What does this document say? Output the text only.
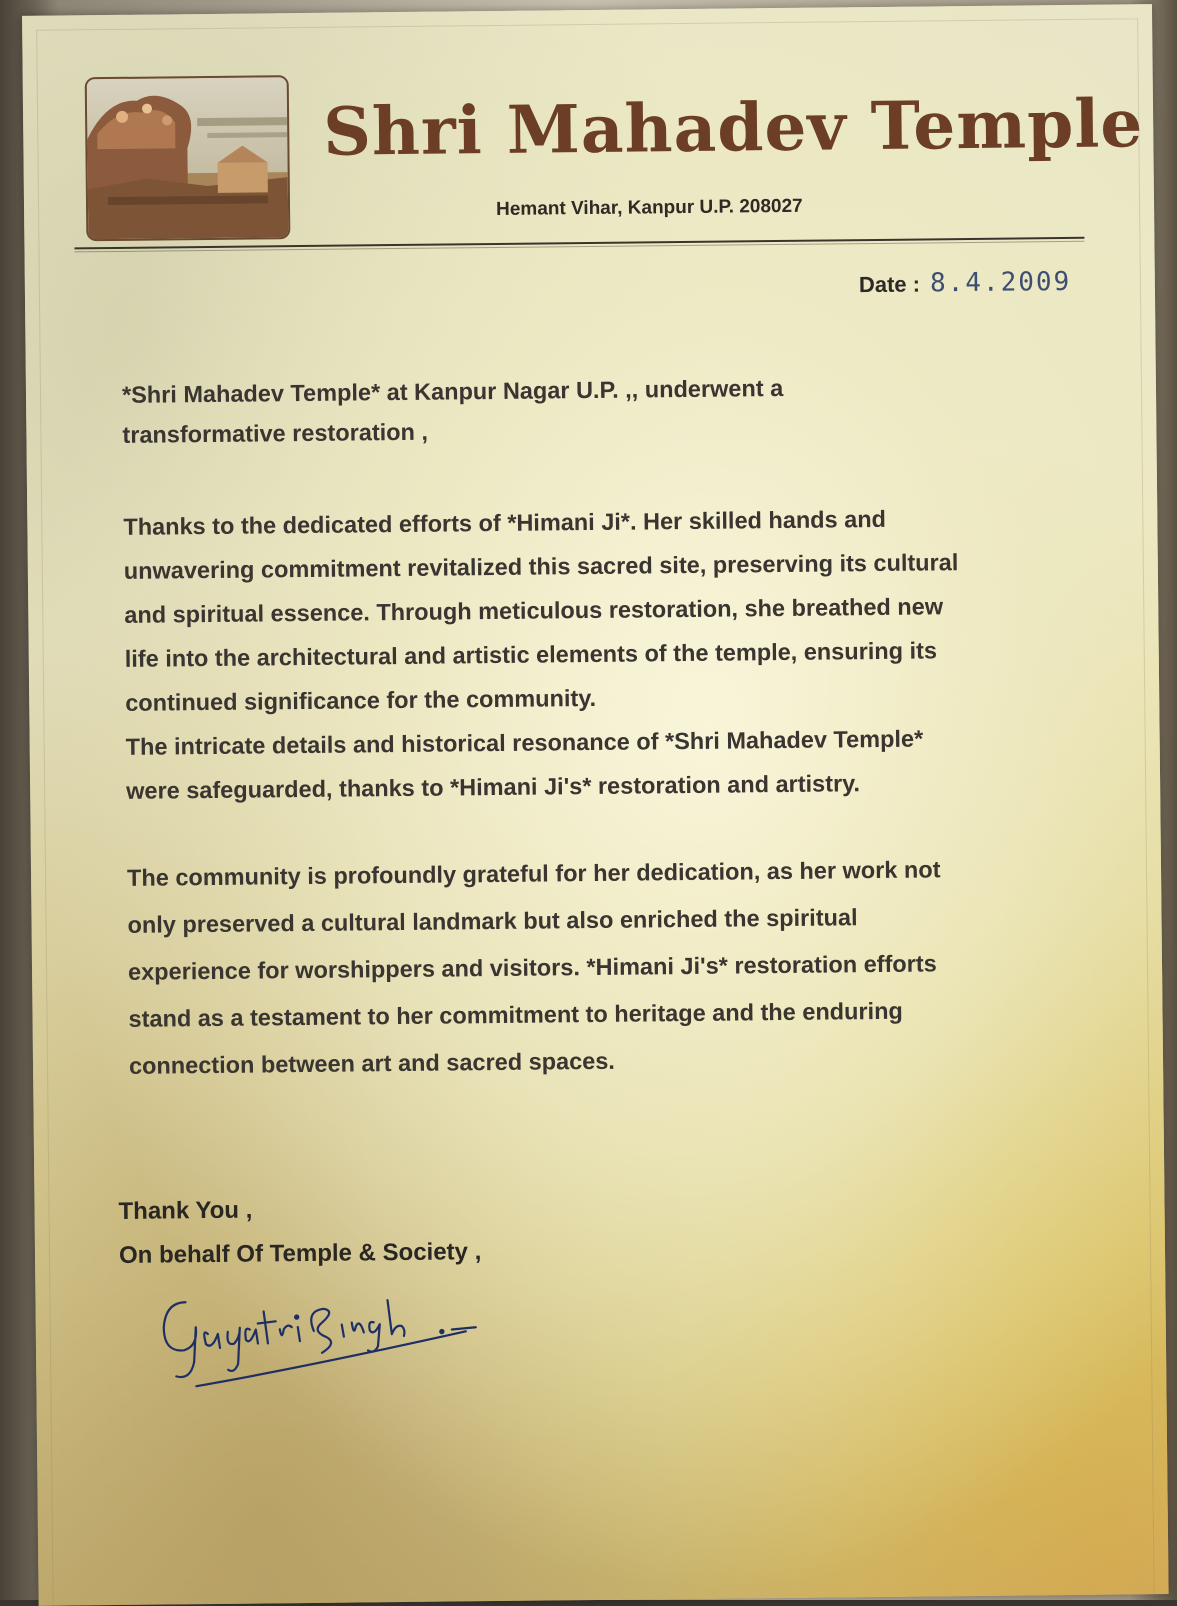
Shri Mahadev Temple
Hemant Vihar, Kanpur U.P. 208027
Date : 8.4.2009

*Shri Mahadev Temple* at Kanpur Nagar U.P. ,, underwent a

transformative restoration ,

Thanks to the dedicated efforts of *Himani Ji*. Her skilled hands and

unwavering commitment revitalized this sacred site, preserving its cultural

and spiritual essence. Through meticulous restoration, she breathed new

life into the architectural and artistic elements of the temple, ensuring its

continued significance for the community.

The intricate details and historical resonance of *Shri Mahadev Temple*

were safeguarded, thanks to *Himani Ji's* restoration and artistry.

The community is profoundly grateful for her dedication, as her work not

only preserved a cultural landmark but also enriched the spiritual

experience for worshippers and visitors. *Himani Ji's* restoration efforts

stand as a testament to her commitment to heritage and the enduring

connection between art and sacred spaces.

Thank You ,
On behalf Of Temple & Society ,
